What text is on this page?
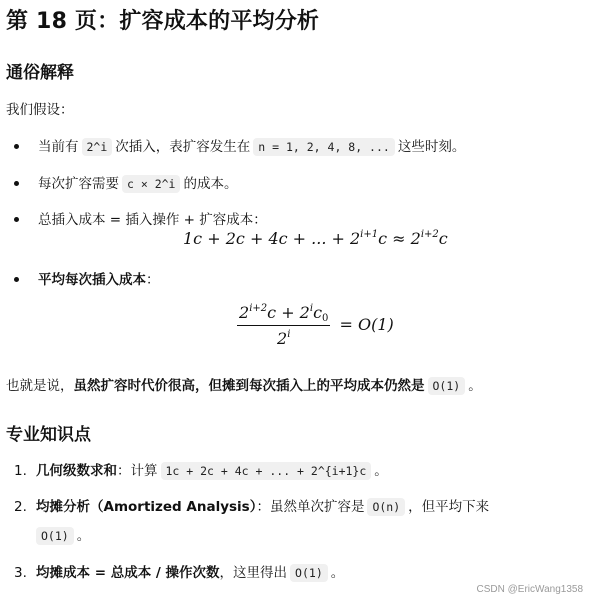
第 18 页：扩容成本的平均分析
通俗解释
我们假设：
当前有 2^i 次插入，表扩容发生在 n = 1, 2, 4, 8, ... 这些时刻。
每次扩容需要 c × 2^i 的成本。
总插入成本 = 插入操作 + 扩容成本：
1c + 2c + 4c + ... + $2^{i+1}c \approx 2^{i+2}c$
平均每次插入成本：
$\frac{2^{i+2}c + 2^ic_0}{2^i} = O(1)$
也就是说，虽然扩容时代价很高，但摊到每次插入上的平均成本仍然是 O(1) 。
专业知识点
1. 几何级数求和：计算 1c + 2c + 4c + ... + 2^{i+1}c 。
2. 均摊分析（Amortized Analysis）：虽然单次扩容是 O(n) ，但平均下来
O(1) 。
3. 均摊成本 = 总成本 / 操作次数，这里得出 O(1) 。
CSDN @EricWang1358
